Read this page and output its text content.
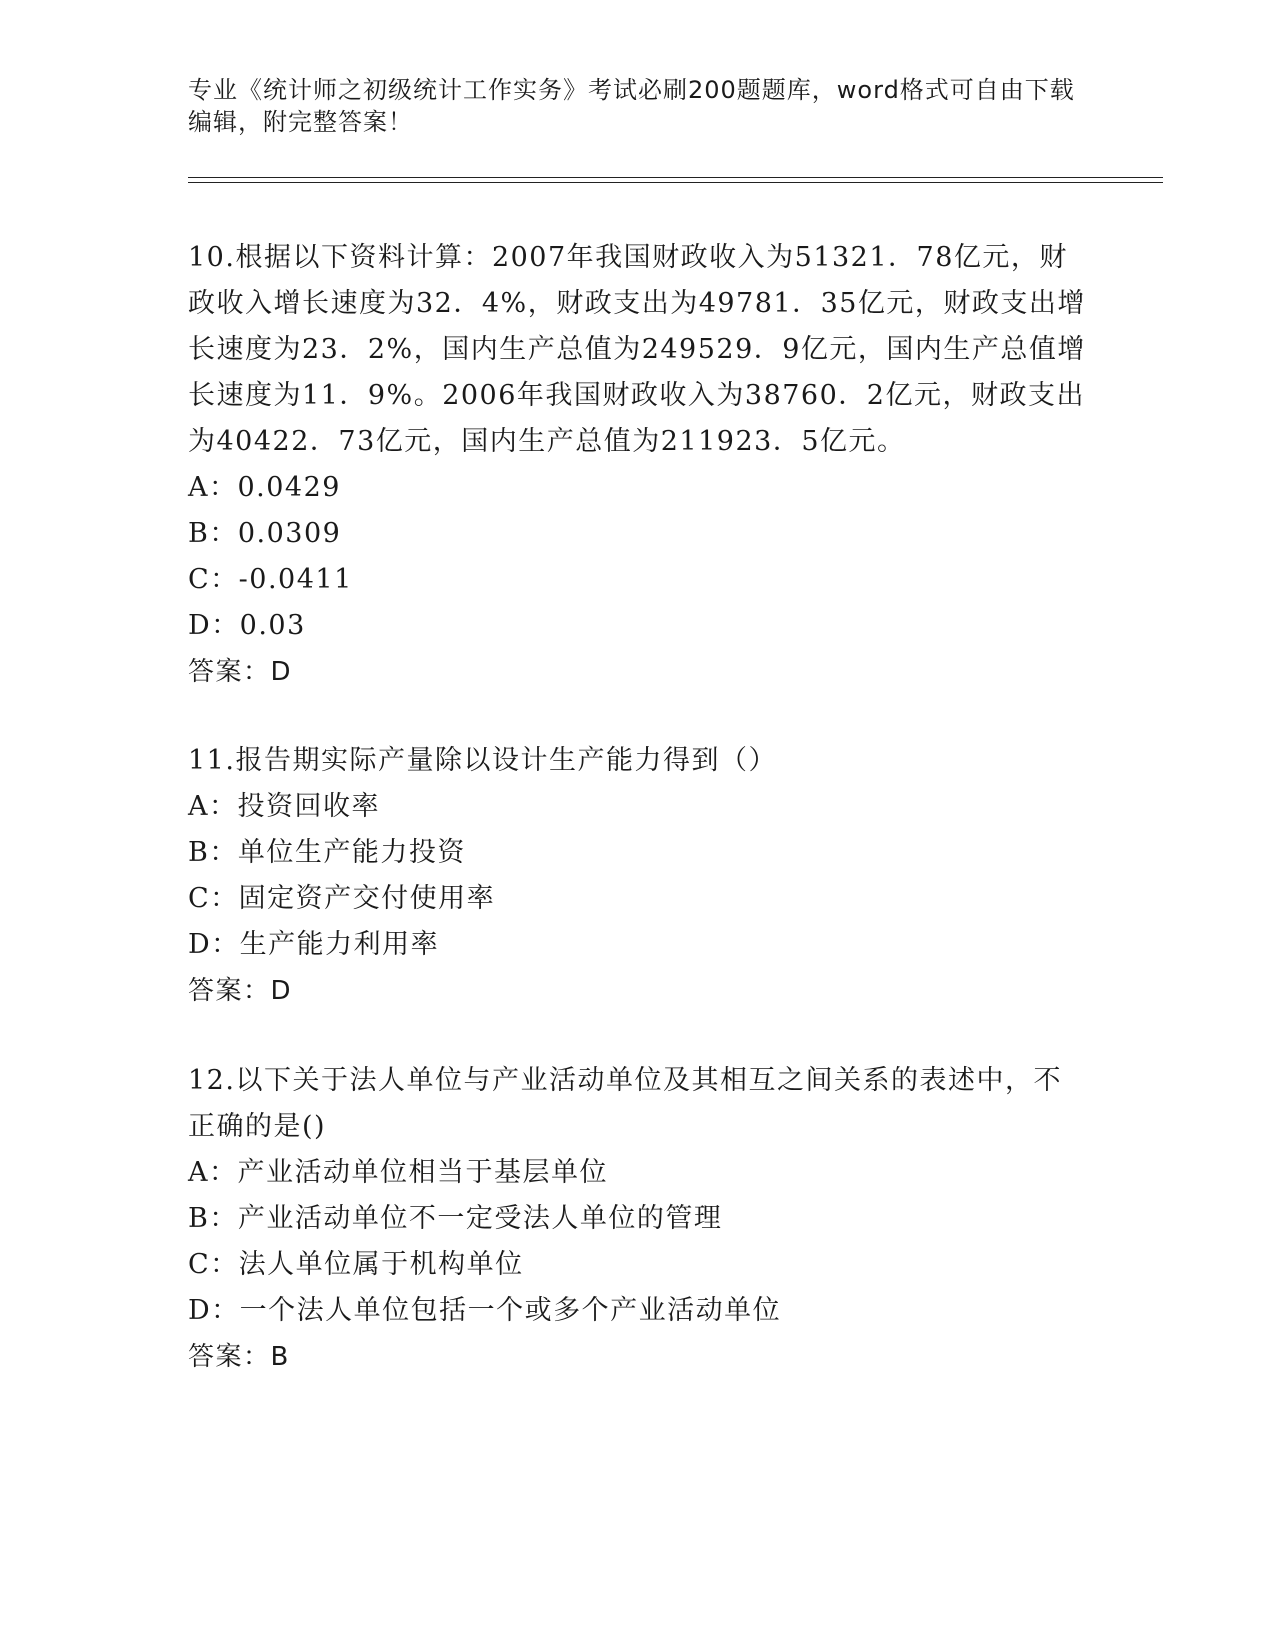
专业《统计师之初级统计工作实务》考试必刷200题题库，word格式可自由下载编辑，附完整答案！

10.根据以下资料计算：2007年我国财政收入为51321．78亿元，财政收入增长速度为32．4%，财政支出为49781．35亿元，财政支出增长速度为23．2%，国内生产总值为249529．9亿元，国内生产总值增长速度为11．9%。2006年我国财政收入为38760．2亿元，财政支出为40422．73亿元，国内生产总值为211923．5亿元。

A：0.0429

B：0.0309

C：-0.0411

D：0.03

答案：D

11.报告期实际产量除以设计生产能力得到（）

A：投资回收率

B：单位生产能力投资

C：固定资产交付使用率

D：生产能力利用率

答案：D

12.以下关于法人单位与产业活动单位及其相互之间关系的表述中，不正确的是()

A：产业活动单位相当于基层单位

B：产业活动单位不一定受法人单位的管理

C：法人单位属于机构单位

D：一个法人单位包括一个或多个产业活动单位

答案：B
